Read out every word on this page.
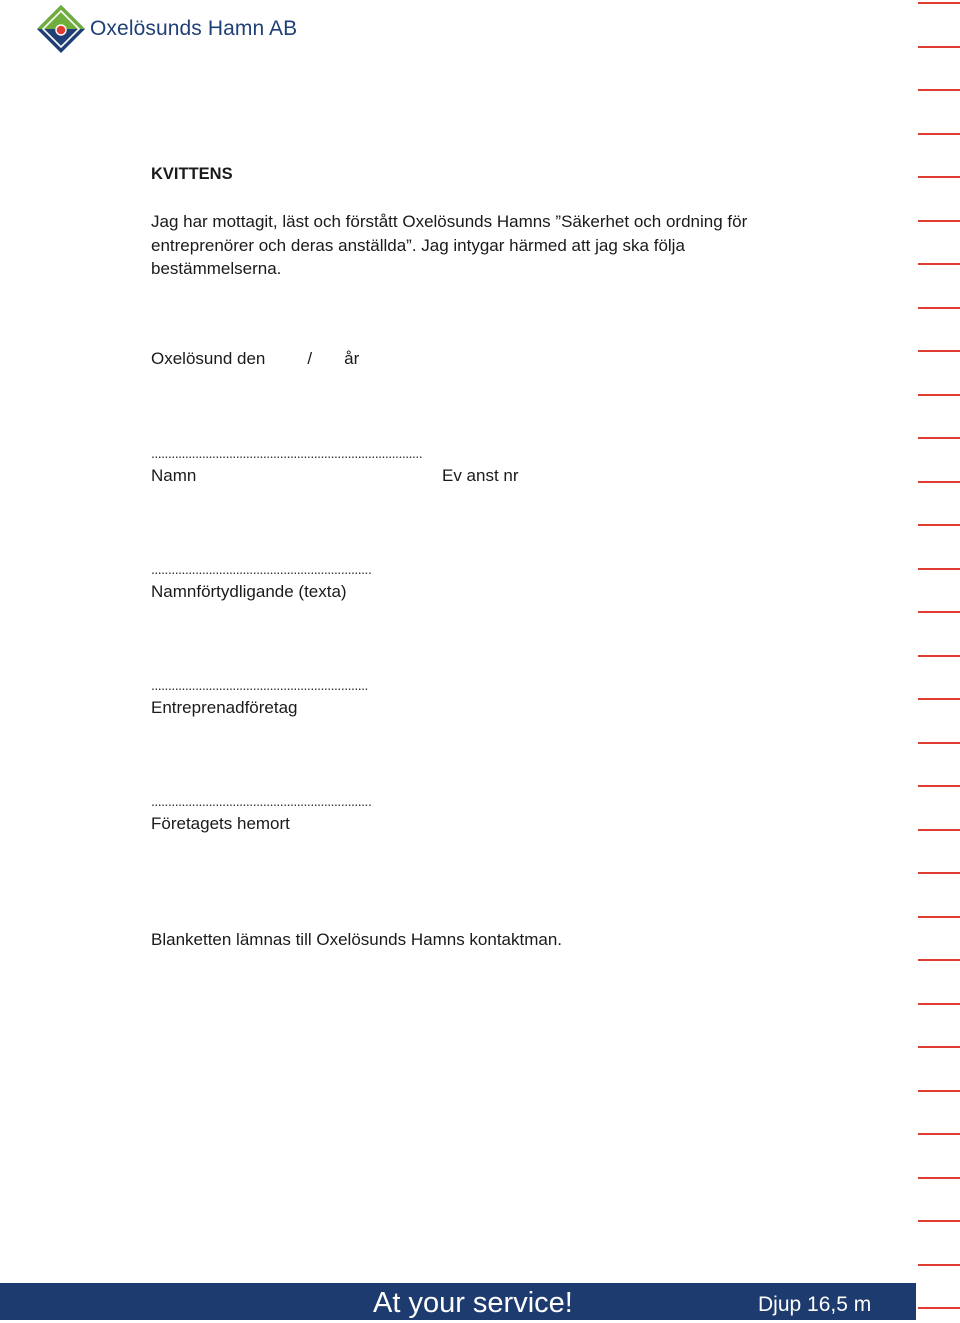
Oxelösunds Hamn AB
KVITTENS
Jag har mottagit, läst och förstått Oxelösunds Hamns ”Säkerhet och ordning för entreprenörer och deras anställda”. Jag intygar härmed att jag ska följa bestämmelserna.
Oxelösund den / år
................................................................................
Namn	Ev anst nr
.................................................................
Namnförtydligande (texta)
................................................................
Entreprenadföretag
.................................................................
Företagets hemort
Blanketten lämnas till Oxelösunds Hamns kontaktman.
At your service!	Djup 16,5 m
